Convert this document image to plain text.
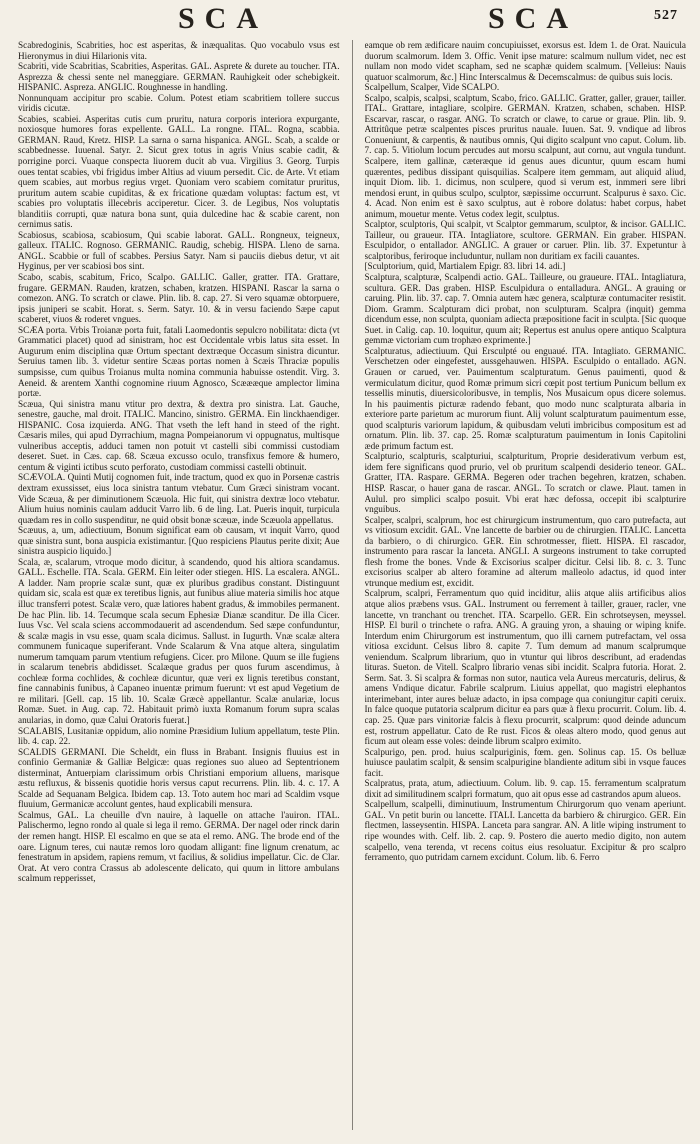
SCA	SCA	527

Scabredoginis, Scabrities, hoc est asperitas, & inæqualitas. Quo vocabulo vsus est Hieronymus in diui Hilarionis vita.

Scabriti, vide Scabritias, Scabrities, Asperitas. GAL. Asprete & durete au toucher. ITA. Asprezza & chessi sente nel maneggiare. GERMAN. Rauhigkeit oder schebigkeit. HISPANIC. Aspreza. ANGLIC. Roughnesse in handling.

Nonnunquam accipitur pro scabie. Colum. Potest etiam scabritiem tollere succus viridis cicutæ.

Scabies, scabiei. Asperitas cutis cum pruritu, natura corporis interiora expurgante, noxiosque humores foras expellente. GALL. La rongne. ITAL. Rogna, scabbia. GERMAN. Raud, Kretz. HISP. La sarna o sarna hispanica. ANGL. Scab, a scalde or scabbednesse. Iuuenal. Satyr. 2. Sicut grex totus in agris Vnius scabie cadit, & porrigine porci. Vuaque conspecta liuorem ducit ab vua. Virgilius 3. Georg. Turpis oues tentat scabies, vbi frigidus imber Altius ad viuum persedit. Cic. de Arte. Vt etiam quem scabies, aut morbus regius vrget. Quoniam vero scabiem comitatur pruritus, pruritum autem scabie cupiditas, & ex fricatione quædam voluptas: factum est, vt scabies pro voluptatis illecebris acciperetur. Cicer. 3. de Legibus, Nos voluptatis blanditiis corrupti, quæ natura bona sunt, quia dulcedine hac & scabie carent, non cernimus satis.

Scabiosus, scabiosa, scabiosum, Qui scabie laborat. GALL. Rongneux, teigneux, galleux. ITALIC. Rognoso. GERMANIC. Raudig, schebig. HISPA. Lleno de sarna. ANGL. Scabbie or full of scabbes. Persius Satyr. Nam si pauciis diebus detur, vt ait Hyginus, per ver scabiosi bos sint.

Scabo, scabis, scabitum, Frico, Scalpo. GALLIC. Galler, gratter. ITA. Grattare, frugare. GERMAN. Rauden, kratzen, schaben, kratzen. HISPANI. Rascar la sarna o comezon. ANG. To scratch or clawe. Plin. lib. 8. cap. 27. Si vero squamæ obtorpuere, ipsis juniperi se scabit. Horat. s. Serm. Satyr. 10. & in versu faciendo Sæpe caput scaberet, viuos & roderet vngues.

SCÆA porta. Vrbis Troianæ porta fuit, fatali Laomedontis sepulcro nobilitata: dicta (vt Grammatici placet) quod ad sinistram, hoc est Occidentale vrbis latus sita esset. In Augurum enim disciplina quæ Ortum spectant dextræque Occasum sinistra dicuntur. Seruius tamen lib. 3. videtur sentire Scæas portas nomen à Scæis Thraciæ populis sumpsisse, cum quibus Troianus multa nomina communia habuisse ostendit. Virg. 3. Aeneid. & arentem Xanthi cognomine riuum Agnosco, Scæææque amplector limina portæ.

Scæua, Qui sinistra manu vtitur pro dextra, & dextra pro sinistra. Lat. Gauche, senestre, gauche, mal droit. ITALIC. Mancino, sinistro. GERMA. Ein linckhaendiger. HISPANIC. Cosa izquierda. ANG. That vseth the left hand in steed of the right. Cæsaris miles, qui apud Dyrrachium, magna Pompeianorum vi oppugnatus, multisque vulneribus acceptis, adduci tamen non potuit vt castelli sibi commissi custodiam deseret. Suet. in Cæs. cap. 68. Scæua excusso oculo, transfixus femore & humero, centum & viginti ictibus scuto perforato, custodiam commissi castelli obtinuit.

SCÆVOLA. Quinti Mutij cognomen fuit, inde tractum, quod ex quo in Porsenæ castris dextram exussisset, eius loca sinistra tantum vtebatur. Cum Græci sinistram vocant. Vide Scæua, & per diminutionem Scæuola. Hic fuit, qui sinistra dextræ loco vtebatur. Alium huius nominis caulam adducit Varro lib. 6 de ling. Lat. Pueris inquit, turpicula quædam res in collo suspenditur, ne quid obsit bonæ scæuæ, inde Scæuola appellatus.

Scæuus, a, um, adiectiuum, Bonum significat eam ob causam, vt inquit Varro, quod quæ sinistra sunt, bona auspicia existimantur. [Quo respiciens Plautus perite dixit; Aue sinistra auspicio liquido.]

Scala, æ, scalarum, vtroque modo dicitur, à scandendo, quod his altiora scandamus. GALL. Eschelle. ITA. Scala. GERM. Ein leiter oder stiegen. HIS. La escalera. ANGL. A ladder. Nam proprie scalæ sunt, quæ ex pluribus gradibus constant. Distinguunt quidam sic, scala est quæ ex teretibus lignis, aut funibus aliue materia similis hoc atque illuc transferri potest. Scalæ vero, quæ latiores habent gradus, & immobiles permanent. De hac Plin. lib. 14. Tecumque scala secum Ephesiæ Dianæ scanditur. De illa Cicer. Iuus Vsc. Vel scala sciens accommodauerit ad ascendendum. Sed sæpe confunduntur, & scalæ magis in vsu esse, quam scala dicimus. Sallust. in Iugurth. Vnæ scalæ altera communem funicaque superiferant. Vnde Scalarum & Vna atque altera, singulatim numerum tamquam parum vtentium refugiens. Cicer. pro Milone. Quum se ille fugiens in scalarum tenebris abdidisset. Scalæque gradus per quos furum ascendimus, à cochleæ forma cochlides, & cochleæ dicuntur, quæ veri ex lignis teretibus constant, fine cannabinis funibus, à Capaneo inuentæ primum fuerunt: vt est apud Vegetium de re militari. [Gell. cap. 15 lib. 10. Scalæ Græcè appellantur. Scalæ anulariæ, locus Romæ. Suet. in Aug. cap. 72. Habitauit primò iuxta Romanum forum supra scalas anularias, in domo, quæ Calui Oratoris fuerat.]

SCALABIS, Lusitaniæ oppidum, alio nomine Præsidium Iulium appellatum, teste Plin. lib. 4. cap. 22.

SCALDIS GERMANI. Die Scheldt, ein fluss in Brabant. Insignis fluuius est in confinio Germaniæ & Galliæ Belgicæ: quas regiones suo alueo ad Septentrionem disterminat, Antuerpiam clarissimum orbis Christiani emporium alluens, marisque æstu refluxus, & bissenis quotidie horis versus caput recurrens. Plin. lib. 4. c. 17. A Scalde ad Sequanam Belgica. Ibidem cap. 13. Toto autem hoc mari ad Scaldim vsque fluuium, Germanicæ accolunt gentes, haud explicabili mensura.

Scalmus, GAL. La cheuille d'vn nauire, à laquelle on attache l'auiron. ITAL. Palischermo, legno rondo al quale si lega il remo. GERMA. Der nagel oder rinck darin der remen hangt. HISP. El escalmo en que se ata el remo. ANG. The brode end of the oare. Lignum teres, cui nautæ remos loro quodam alligant: fine lignum crenatum, ac fenestratum in apsidem, rapiens remum, vt facilius, & solidius impellatur. Cic. de Clar. Orat. At vero contra Crassus ab adolescente delicato, qui quum in littore ambulans scalmum repperisset,

eamque ob rem ædificare nauim concupiuisset, exorsus est. Idem 1. de Orat. Nauicula duorum scalmorum. Idem 3. Offic. Venit ipse mature: scalmum nullum videt, nec est nullam non modo videt scapham, sed ne scaphæ quidem scalmum. [Velleius: Nauis quatuor scalmorum, &c.] Hinc Interscalmus & Decemscalmus: de quibus suis locis.

Scalpellum, Scalper, Vide SCALPO.

Scalpo, scalpis, scalpsi, scalptum, Scabo, frico. GALLIC. Gratter, galler, grauer, tailler. ITAL. Grattare, intagliare, scolpire. GERMAN. Kratzen, schaben, schaben. HISP. Escarvar, rascar, o rasgar. ANG. To scratch or clawe, to carue or graue. Plin. lib. 9. Attritûque petræ scalpentes pisces pruritus nauale. Iuuen. Sat. 9. vndique ad libros Conueniunt, & carpentis, & nautibus omnis, Qui digito scalpunt vno caput. Colum. lib. 7. cap. 5. Vitiolum locum percudes aut morsu scalpunt, aut cornu, aut vngula tundunt. Scalpere, item gallinæ, cæteræque id genus aues dicuntur, quum escam humi quærentes, pedibus dissipant quisquilias. Scalpere item gemmam, aut aliquid aliud, inquit Diom. lib. 1. dicimus, non sculpere, quod si verum est, inmmeri sere libri mendosi erunt, in quibus sculpo, sculptor, sæpissime occurrunt. Scalpurus è saxo. Cic. 4. Acad. Non enim est è saxo sculptus, aut è robore dolatus: habet corpus, habet animum, mouetur mente. Vetus codex legit, sculptus.

Scalptor, sculptoris, Qui scalpit, vt Scalptor gemmarum, sculptor, & incisor. GALLIC. Tailleur, ou graueur. ITA. Intagliatore, scultore. GERMAN. Ein graber. HISPAN. Esculpidor, o entallador. ANGLIC. A grauer or caruer. Plin. lib. 37. Expetuntur à scalptoribus, feriroque includuntur, nullam non duritiam ex facili cauantes.

[Sculptorium, quid, Martialem Epigr. 83. libri 14. adi.]

Scalptura, scalpturæ, Scalpendi actio. GAL. Tailleure, ou graueure. ITAL. Intagliatura, scultura. GER. Das graben. HISP. Esculpidura o entalladura. ANGL. A grauing or caruing. Plin. lib. 37. cap. 7. Omnia autem hæc genera, scalpturæ contumaciter resistit. Diom. Gramm. Scalpturam dici probat, non sculpturam. Scalpra (inquit) gemma dicendum esse, non sculpta, quoniam adiecta præpositione facit in sculpta. [Sic quoque Suet. in Calig. cap. 10. loquitur, quum ait; Repertus est anulus opere antiquo Scalptura gemmæ victoriam cum trophæo exprimente.]

Scalpturatus, adiectiuum. Qui Ersculpté ou enguaué. ITA. Intagliato. GERMANIC. Verschetzen oder eingefestet, aussgehauwen. HISPA. Esculpido o entallado. AGN. Grauen or carued, ver. Pauimentum scalpturatum. Genus pauimenti, quod & vermiculatum dicitur, quod Romæ primum sicri cœpit post tertium Punicum bellum ex tessellis minutis, diuersicoloribusve, in templis, Nos Musaicum opus dicere solemus. In his pauimentis picturæ radendo febant, quo modo nunc scalpturata albaria in exteriore parte parietum ac murorum fiunt. Alij volunt scalpturatum pauimentum esse, quod scalpturis variorum lapidum, & quibusdam veluti imbricibus compositum est ad ornatum. Plin. lib. 37. cap. 25. Romæ scalpturatum pauimentum in Ionis Capitolini æde primum factum est.

Scalpturio, scalpturis, scalpturiui, scalpturitum, Proprie desiderativum verbum est, idem fere significans quod prurio, vel ob pruritum scalpendi desiderio teneor. GAL. Gratter, ITA. Raspare. GERMA. Begeren oder trachen begehren, kratzen, schaben. HISP. Rascar, o hauer gana de rascar. ANGL. To scratch or clawe. Plaut. tamen in Aulul. pro simplici scalpo posuit. Vbi erat hæc defossa, occepit ibi scalpturire vnguibus.

Scalper, scalpri, scalprum, hoc est chirurgicum instrumentum, quo caro putrefacta, aut vs vitiosum excidit. GAL. Vne lancette de barbier ou de chirurgien. ITALIC. Lancetta da barbiero, o di chirurgico. GER. Ein schrotmesser, fliett. HISPA. El rascador, instrumento para rascar la lanceta. ANGLI. A surgeons instrument to take corrupted flesh frome the bones. Vnde & Excisorius scalper dicitur. Celsi lib. 8. c. 3. Tunc excisorius scalper ab altero foramine ad alterum malleolo adactus, id quod inter vtrunque medium est, excidit.

Scalprum, scalpri, Ferramentum quo quid inciditur, aliis atque aliis artificibus alios atque alios præbens vsus. GAL. Instrument ou ferrement à tailler, grauer, racler, vne lancette, vn tranchant ou trenchet. ITA. Scarpello. GER. Ein schrotseysen, meyssel. HISP. El buril o trinchete o rafra. ANG. A grauing yron, a shauing or wiping knife. Interdum enim Chirurgorum est instrumentum, quo illi carnem putrefactam, vel ossa vitiosa excidunt. Celsus libro 8. capite 7. Tum demum ad manum scalprumque veniendum. Scalprum librarium, quo in vtuntur qui libros describunt, ad eradendas lituras. Sueton. de Vitell. Scalpro librario venas sibi incidit. Scalpra futoria. Horat. 2. Serm. Sat. 3. Si scalpra & formas non sutor, nautica vela Aureus mercaturis, delirus, & amens Vndique dicatur. Fabrile scalprum. Liuius appellat, quo magistri elephantos interimebant, inter aures beluæ adacto, in ipsa compage qua coniungitur capiti ceruix. In falce quoque putatoria scalprum dicitur ea pars quæ à flexu procurrit. Colum. lib. 4. cap. 25. Quæ pars vinitoriæ falcis à flexu procurrit, scalprum: quod deinde aduncum est, rostrum appellatur. Cato de Re rust. Ficos & oleas altero modo, quod genus aut ficum aut oleam esse voles: deinde librum scalpro eximito.

Scalpurigo, pen. prod. huius scalpuriginis, fœm. gen. Solinus cap. 15. Os belluæ huiusce paulatim scalpit, & sensim scalpurigine blandiente aditum sibi in vsque fauces facit.

Scalpratus, prata, atum, adiectiuum. Colum. lib. 9. cap. 15. ferramentum scalpratum dixit ad similitudinem scalpri formatum, quo ait opus esse ad castrandos apum alueos.

Scalpellum, scalpelli, diminutiuum, Instrumentum Chirurgorum quo venam aperiunt. GAL. Vn petit burin ou lancette. ITALI. Lancetta da barbiero & chirurgico. GER. Ein flectmen, lasseysentin. HISPA. Lanceta para sangrar. AN. A litle wiping instrument to ripe woundes with. Celf. lib. 2. cap. 9. Postero die auerto medio digito, non autem scalpello, vena terenda, vt recens coitus eius resoluatur. Excipitur & pro scalpro ferramento, quo putridam carnem excidunt. Colum. lib. 6. Ferro
